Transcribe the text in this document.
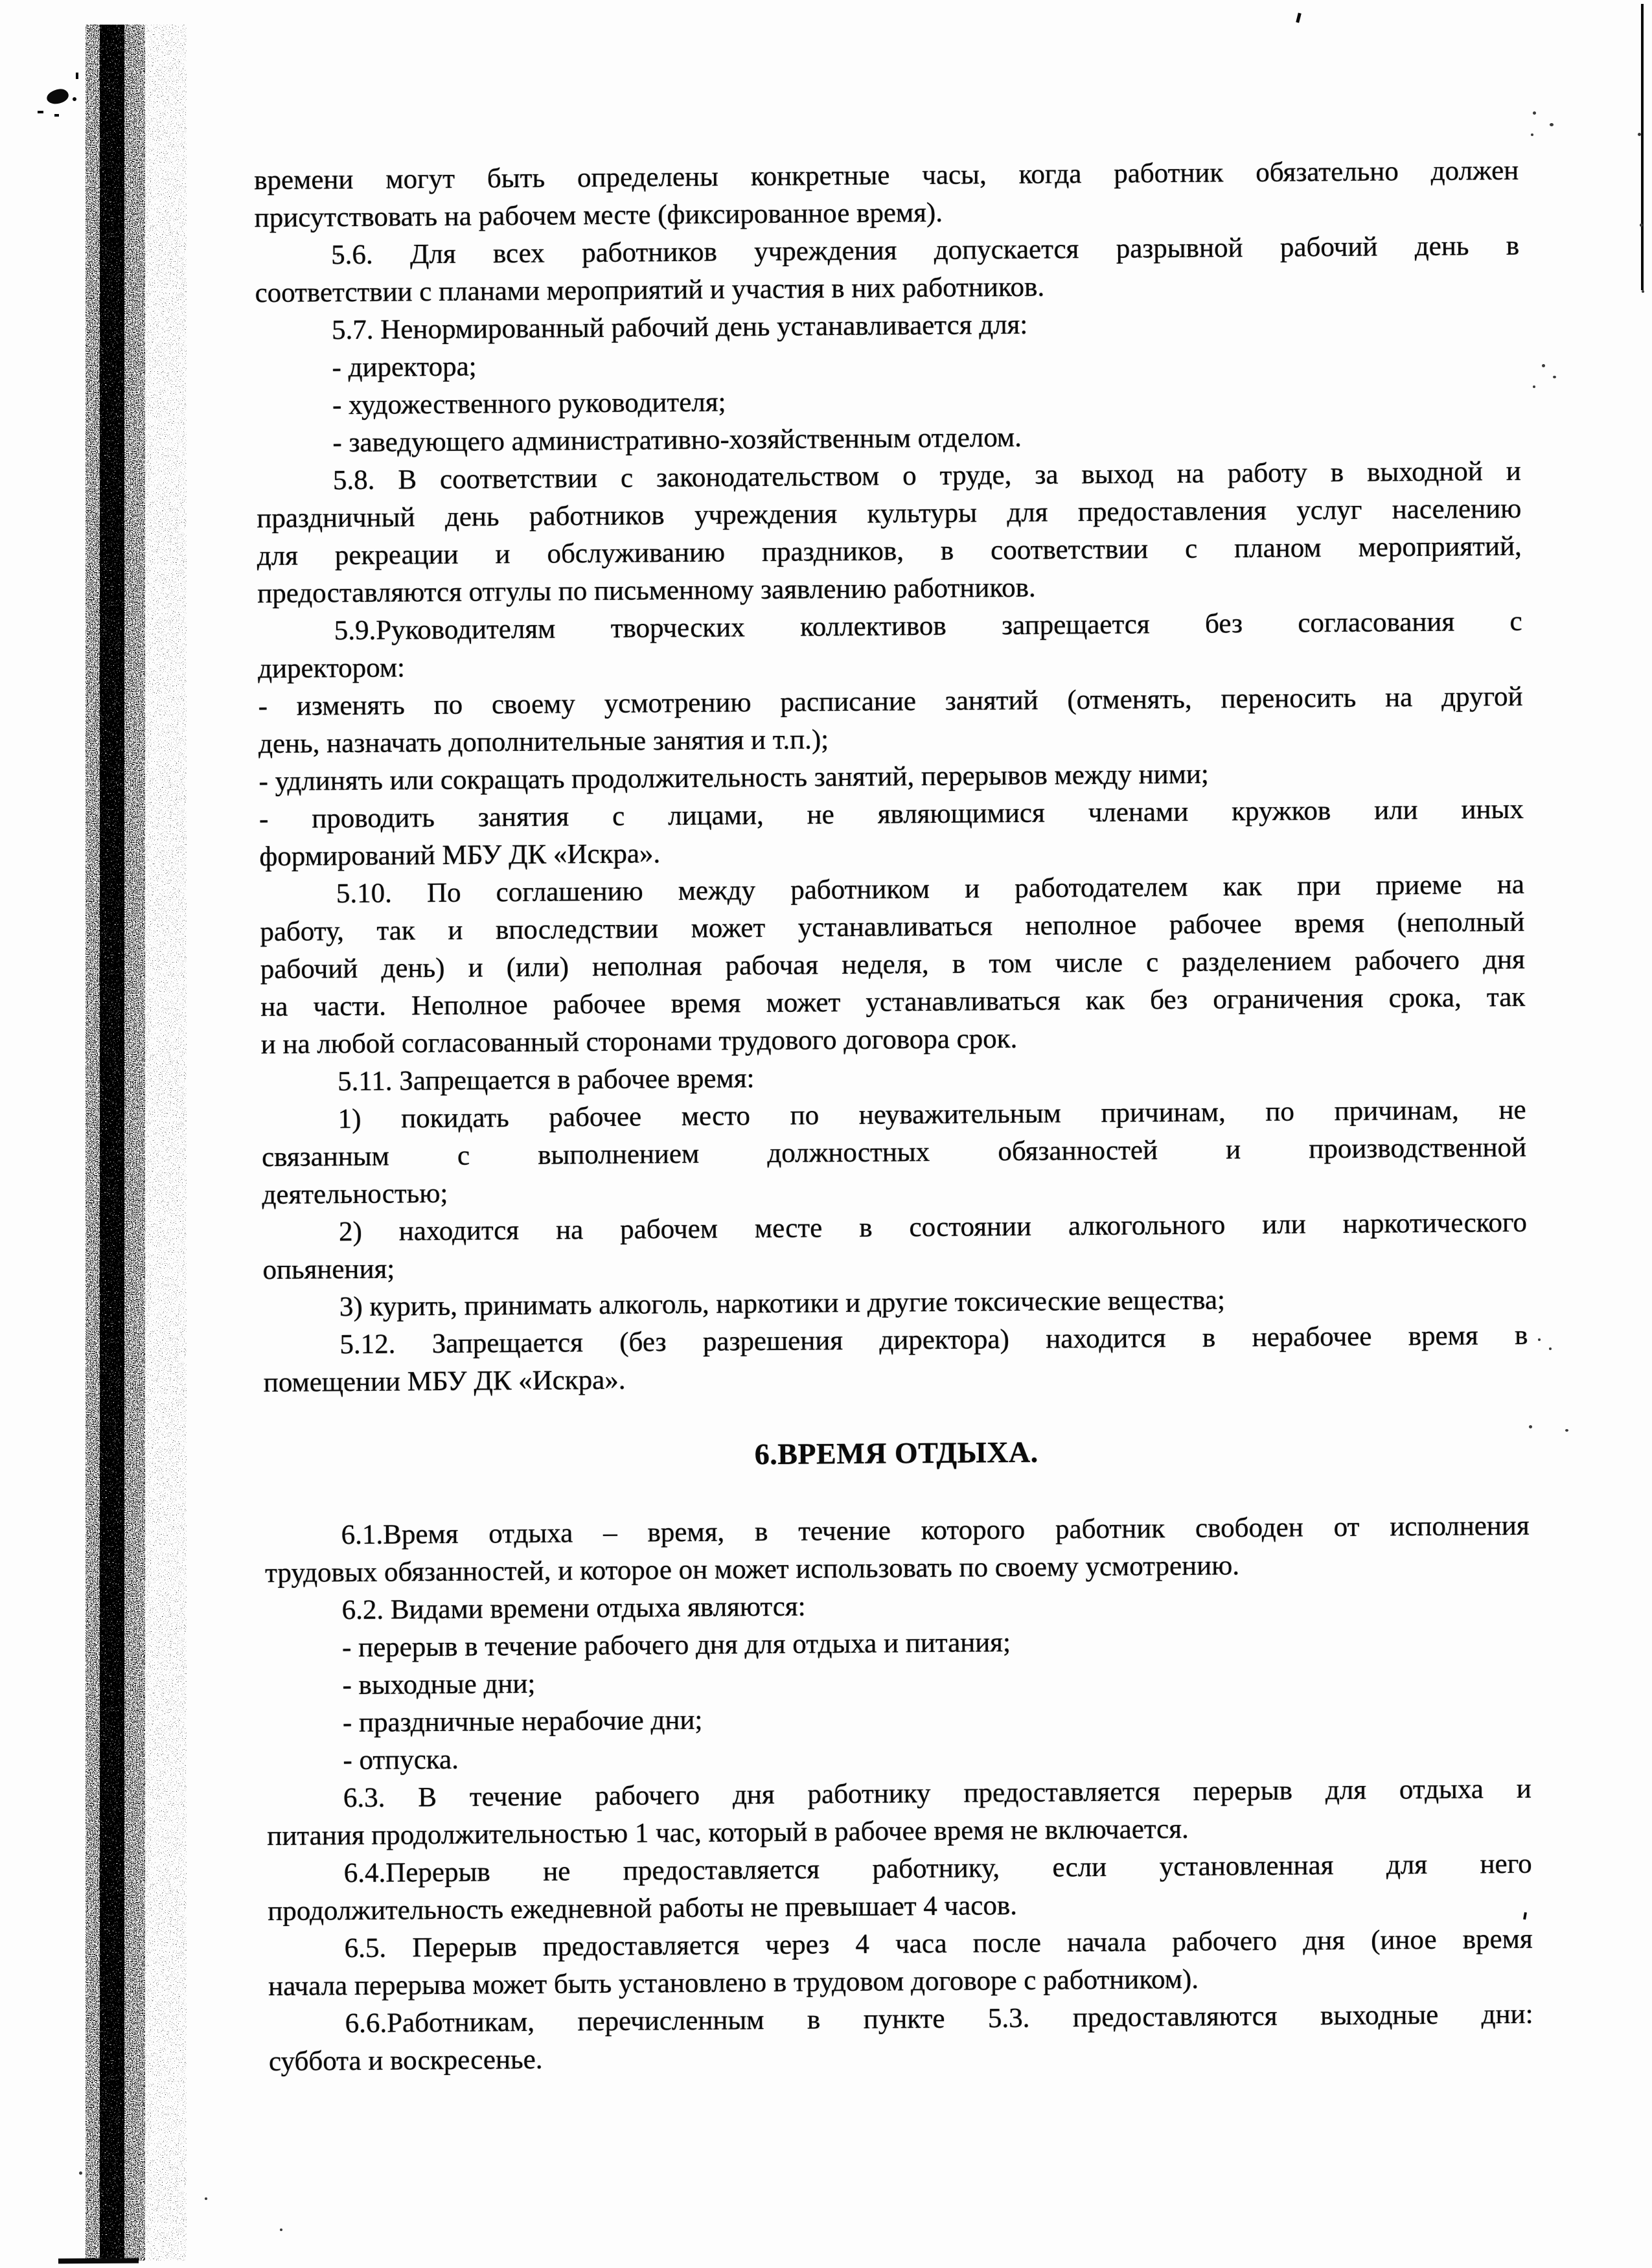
времени могут быть определены конкретные часы, когда работник обязательно должен
присутствовать на рабочем месте (фиксированное время).
5.6. Для всех работников учреждения допускается разрывной рабочий день в
соответствии с планами мероприятий и участия в них работников.
5.7. Ненормированный рабочий день устанавливается для:
- директора;
- художественного руководителя;
- заведующего административно-хозяйственным отделом.
5.8. В соответствии с законодательством о труде, за выход на работу в выходной и
праздничный день работников учреждения культуры для предоставления услуг населению
для рекреации и обслуживанию праздников, в соответствии с планом мероприятий,
предоставляются отгулы по письменному заявлению работников.
5.9.Руководителям творческих коллективов запрещается без согласования с
директором:
- изменять по своему усмотрению расписание занятий (отменять, переносить на другой
день, назначать дополнительные занятия и т.п.);
- удлинять или сокращать продолжительность занятий, перерывов между ними;
- проводить занятия с лицами, не являющимися членами кружков или иных
формирований МБУ ДК «Искра».
5.10. По соглашению между работником и работодателем как при приеме на
работу, так и впоследствии может устанавливаться неполное рабочее время (неполный
рабочий день) и (или) неполная рабочая неделя, в том числе с разделением рабочего дня
на части. Неполное рабочее время может устанавливаться как без ограничения срока, так
и на любой согласованный сторонами трудового договора срок.
5.11. Запрещается в рабочее время:
1) покидать рабочее место по неуважительным причинам, по причинам, не
связанным с выполнением должностных обязанностей и производственной
деятельностью;
2) находится на рабочем месте в состоянии алкогольного или наркотического
опьянения;
3) курить, принимать алкоголь, наркотики и другие токсические вещества;
5.12. Запрещается (без разрешения директора) находится в нерабочее время в
помещении МБУ ДК «Искра».
6.ВРЕМЯ ОТДЫХА.
6.1.Время отдыха – время, в течение которого работник свободен от исполнения
трудовых обязанностей, и которое он может использовать по своему усмотрению.
6.2. Видами времени отдыха являются:
- перерыв в течение рабочего дня для отдыха и питания;
- выходные дни;
- праздничные нерабочие дни;
- отпуска.
6.3. В течение рабочего дня работнику предоставляется перерыв для отдыха и
питания продолжительностью 1 час, который в рабочее время не включается.
6.4.Перерыв не предоставляется работнику, если установленная для него
продолжительность ежедневной работы не превышает 4 часов.
6.5. Перерыв предоставляется через 4 часа после начала рабочего дня (иное время
начала перерыва может быть установлено в трудовом договоре с работником).
6.6.Работникам, перечисленным в пункте 5.3. предоставляются выходные дни:
суббота и воскресенье.
